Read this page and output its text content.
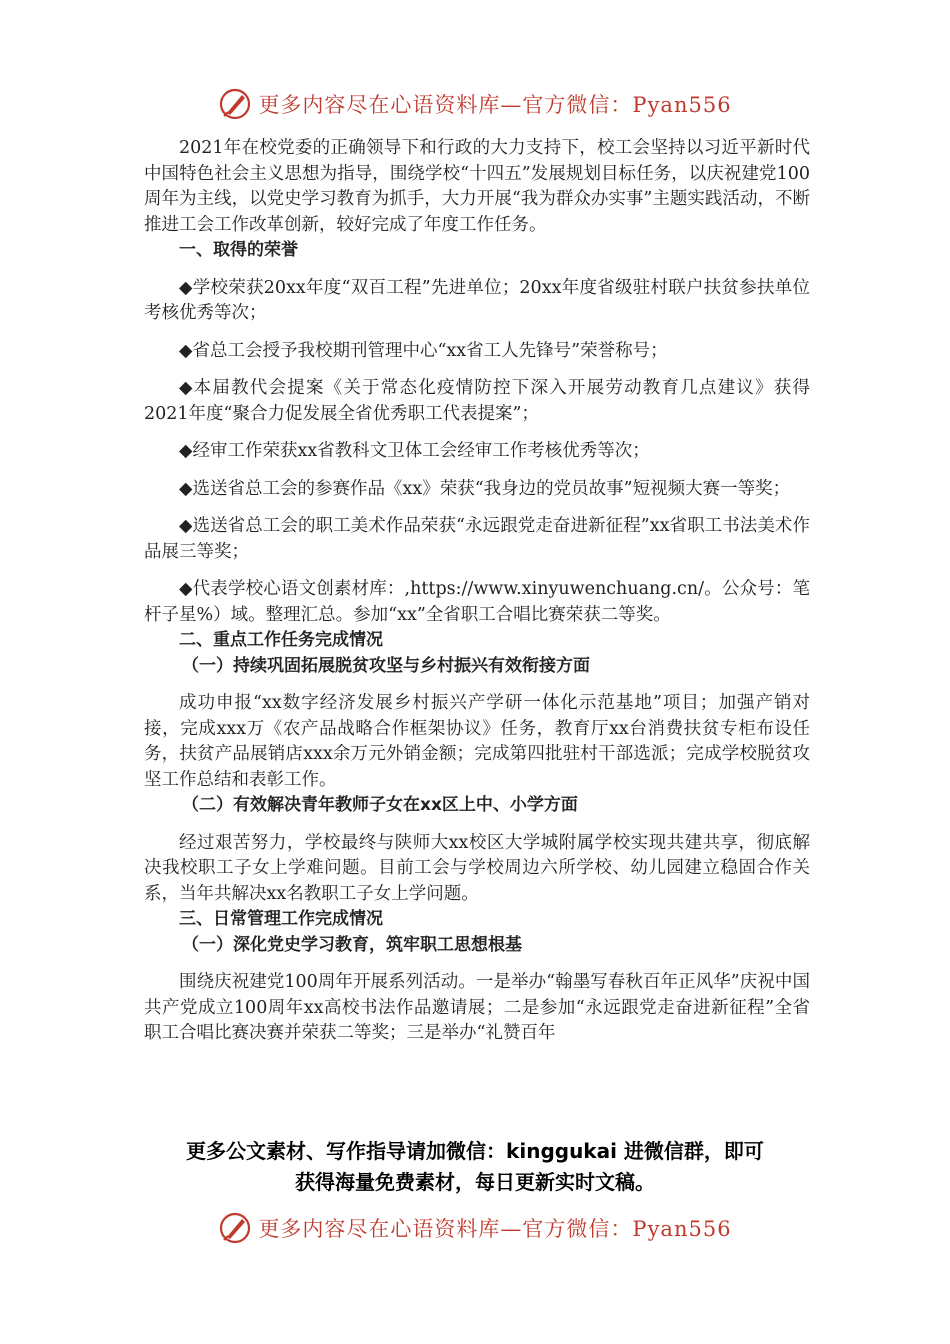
更多内容尽在心语资料库—官方微信：Pyan556

2021年在校党委的正确领导下和行政的大力支持下，校工会坚持以习近平新时代中国特色社会主义思想为指导，围绕学校“十四五”发展规划目标任务，以庆祝建党100周年为主线，以党史学习教育为抓手，大力开展“我为群众办实事”主题实践活动，不断推进工会工作改革创新，较好完成了年度工作任务。

一、取得的荣誉

◆学校荣获20xx年度“双百工程”先进单位；20xx年度省级驻村联户扶贫参扶单位考核优秀等次；

◆省总工会授予我校期刊管理中心“xx省工人先锋号”荣誉称号；

◆本届教代会提案《关于常态化疫情防控下深入开展劳动教育几点建议》获得2021年度“聚合力促发展全省优秀职工代表提案”；

◆经审工作荣获xx省教科文卫体工会经审工作考核优秀等次；

◆选送省总工会的参赛作品《xx》荣获“我身边的党员故事”短视频大赛一等奖；

◆选送省总工会的职工美术作品荣获“永远跟党走奋进新征程”xx省职工书法美术作品展三等奖；

◆代表学校心语文创素材库：,https://www.xinyuwenchuang.cn/。公众号：笔杆子星%）域。整理汇总。参加“xx”全省职工合唱比赛荣获二等奖。

二、重点工作任务完成情况
（一）持续巩固拓展脱贫攻坚与乡村振兴有效衔接方面

成功申报“xx数字经济发展乡村振兴产学研一体化示范基地”项目；加强产销对接，完成xxx万《农产品战略合作框架协议》任务，教育厅xx台消费扶贫专柜布设任务，扶贫产品展销店xxx余万元外销金额；完成第四批驻村干部选派；完成学校脱贫攻坚工作总结和表彰工作。

（二）有效解决青年教师子女在xx区上中、小学方面

经过艰苦努力，学校最终与陕师大xx校区大学城附属学校实现共建共享，彻底解决我校职工子女上学难问题。目前工会与学校周边六所学校、幼儿园建立稳固合作关系，当年共解决xx名教职工子女上学问题。

三、日常管理工作完成情况
（一）深化党史学习教育，筑牢职工思想根基

围绕庆祝建党100周年开展系列活动。一是举办“翰墨写春秋百年正风华”庆祝中国共产党成立100周年xx高校书法作品邀请展；二是参加“永远跟党走奋进新征程”全省职工合唱比赛决赛并荣获二等奖；三是举办“礼赞百年

更多公文素材、写作指导请加微信：kinggukai 进微信群，即可
获得海量免费素材，每日更新实时文稿。
更多内容尽在心语资料库—官方微信：Pyan556
